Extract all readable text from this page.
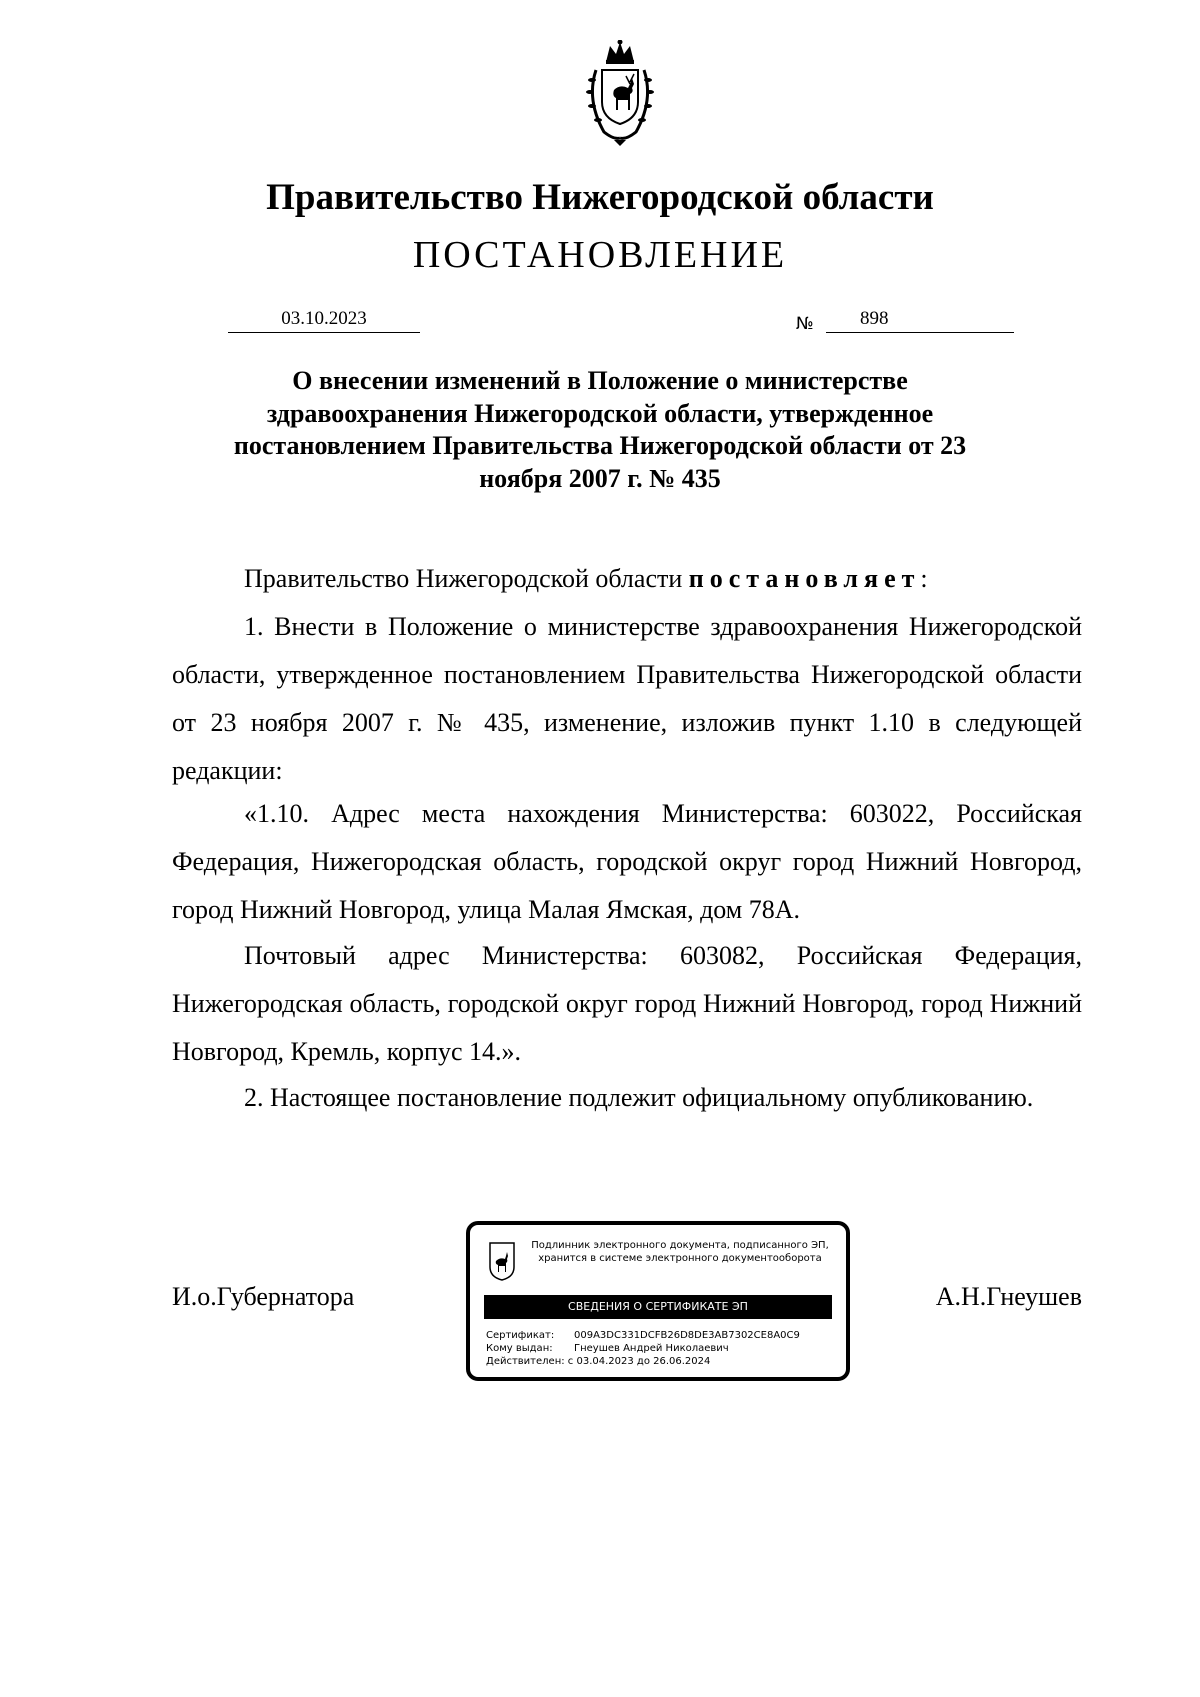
Правительство Нижегородской области
ПОСТАНОВЛЕНИЕ
03.10.2023	№ 898
О внесении изменений в Положение о министерстве здравоохранения Нижегородской области, утвержденное постановлением Правительства Нижегородской области от 23 ноября 2007 г. № 435
Правительство Нижегородской области постановляет:
1. Внести в Положение о министерстве здравоохранения Нижегородской области, утвержденное постановлением Правительства Нижегородской области от 23 ноября 2007 г. № 435, изменение, изложив пункт 1.10 в следующей редакции:
«1.10. Адрес места нахождения Министерства: 603022, Российская Федерация, Нижегородская область, городской округ город Нижний Новгород, город Нижний Новгород, улица Малая Ямская, дом 78А.
Почтовый адрес Министерства: 603082, Российская Федерация, Нижегородская область, городской округ город Нижний Новгород, город Нижний Новгород, Кремль, корпус 14.».
2. Настоящее постановление подлежит официальному опубликованию.
И.о.Губернатора	А.Н.Гнеушев
Подлинник электронного документа, подписанного ЭП,
хранится в системе электронного документооборота
СВЕДЕНИЯ О СЕРТИФИКАТЕ ЭП
Сертификат: 009A3DC331DCFB26D8DE3AB7302CE8A0C9
Кому выдан: Гнеушев Андрей Николаевич
Действителен: с 03.04.2023 до 26.06.2024
